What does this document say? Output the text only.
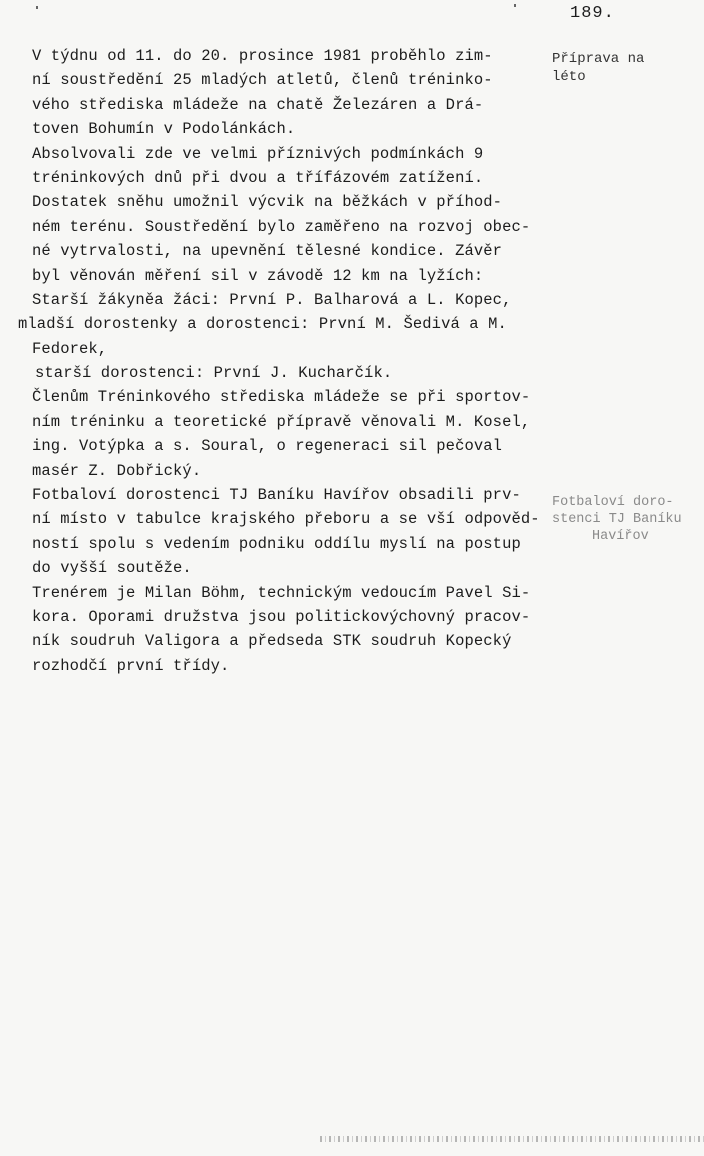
189.
V týdnu od 11. do 20. prosince 1981 proběhlo zim-
ní soustředění 25 mladých atletů, členů tréninko-
vého střediska mládeže na chatě Železáren a Drá-
toven Bohumín v Podolánkách.
Absolvovali zde ve velmi příznivých podmínkách 9
tréninkových dnů při dvou a třífázovém zatížení.
Dostatek sněhu umožnil výcvik na běžkách v příhod-
ném terénu. Soustředění bylo zaměřeno na rozvoj obec-
né vytrvalosti, na upevnění tělesné kondice. Závěr
byl věnován měření sil v závodě 12 km na lyžích:
Starší žákyněa žáci: První P. Balharová a L. Kopec,
mladší dorostenky a dorostenci: První M. Šedivá a M.
Fedorek,
starší dorostenci: První J. Kucharčík.
Členům Tréninkového střediska mládeže se při sportov-
ním tréninku a teoretické přípravě věnovali M. Kosel,
ing. Votýpka a s. Soural, o regeneraci sil pečoval
masér Z. Dobřický.
Fotbaloví dorostenci TJ Baníku Havířov obsadili prv-
ní místo v tabulce krajského přeboru a se vší odpověd-
ností spolu s vedením podniku oddílu myslí na postup
do vyšší soutěže.
Trenérem je Milan Böhm, technickým vedoucím Pavel Si-
kora. Oporami družstva jsou politickovýchovný pracov-
ník soudruh Valigora a předseda STK soudruh Kopecký
rozhodčí první třídy.
Příprava na
léto
Fotbaloví doro-
stenci TJ Baníku
Havířov
